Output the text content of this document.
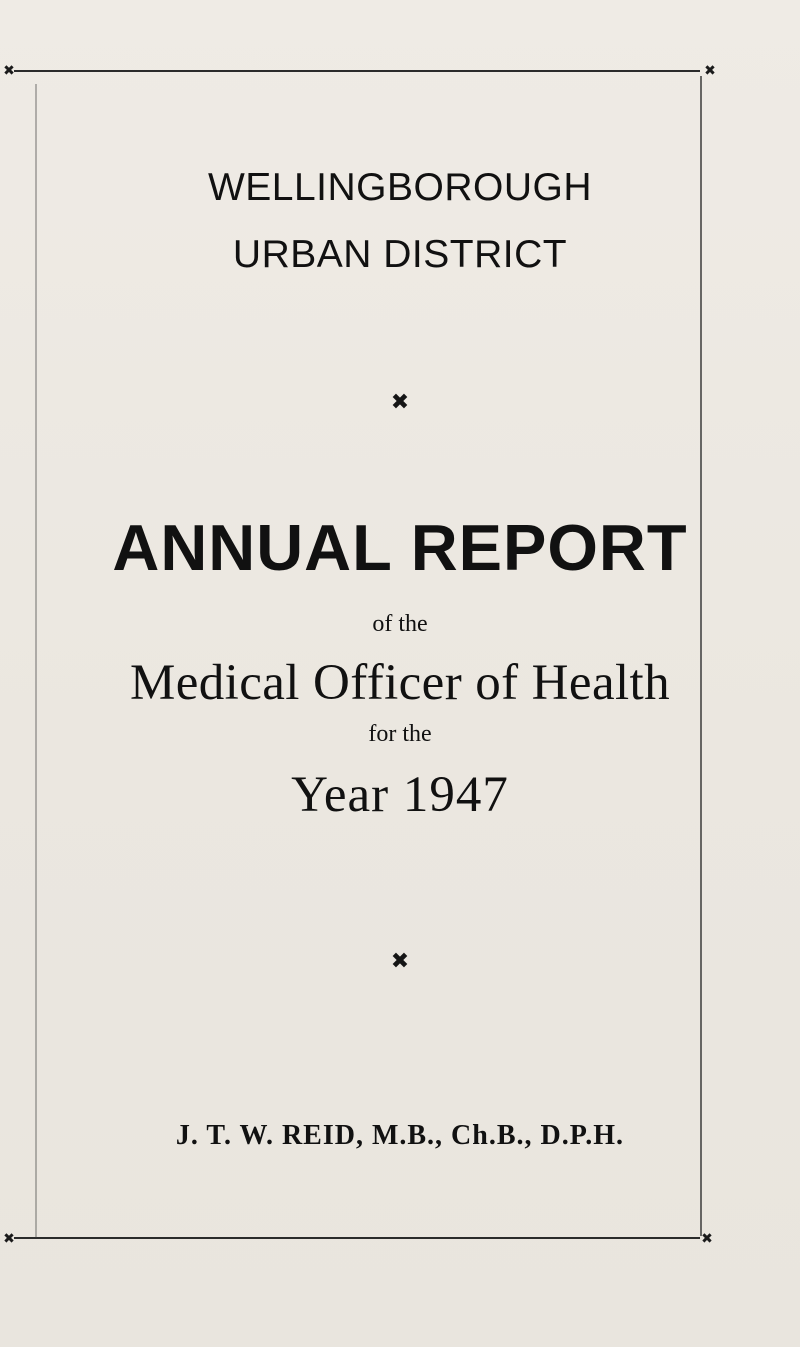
✖	✖
✖	✖
WELLINGBOROUGH
URBAN DISTRICT
✖
ANNUAL REPORT
of the
Medical Officer of Health
for the
Year 1947
✖
J. T. W. REID, M.B., Ch.B., D.P.H.
